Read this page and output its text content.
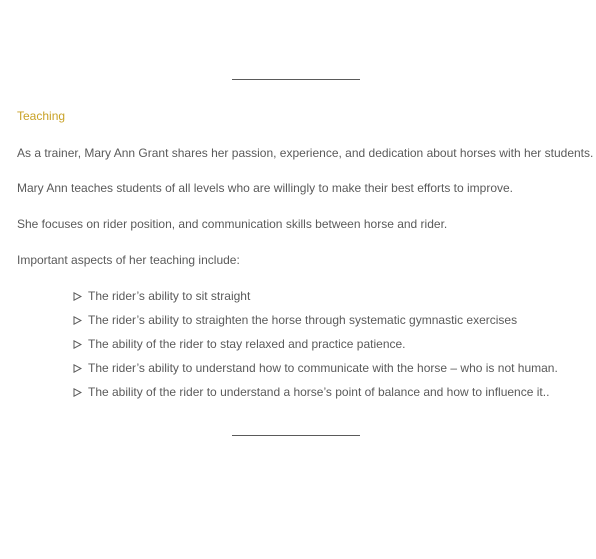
Teaching
As a trainer, Mary Ann Grant shares her passion, experience, and dedication about horses with her students.
Mary Ann teaches students of all levels who are willingly to make their best efforts to improve.
She focuses on rider position, and communication skills between horse and rider.
Important aspects of her teaching include:
The rider’s ability to sit straight
The rider’s ability to straighten the horse through systematic gymnastic exercises
The ability of the rider to stay relaxed and practice patience.
The rider’s ability to understand how to communicate with the horse – who is not human.
The ability of the rider to understand a horse’s point of balance and how to influence it..
